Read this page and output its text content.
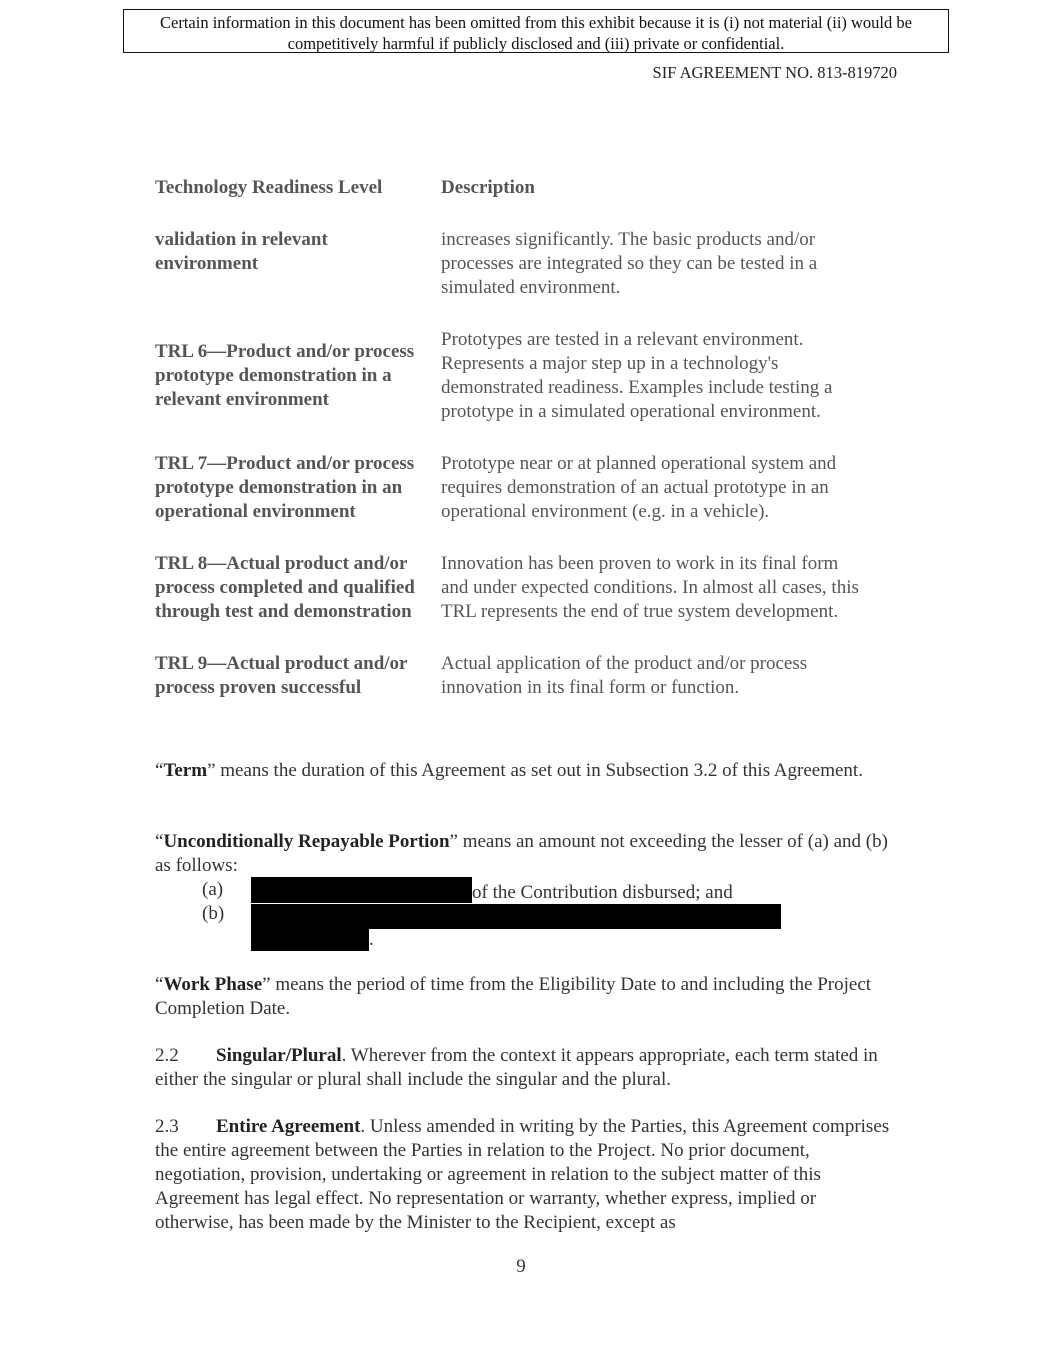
Certain information in this document has been omitted from this exhibit because it is (i) not material (ii) would be
competitively harmful if publicly disclosed and (iii) private or confidential.
SIF AGREEMENT NO. 813-819720
Technology Readiness Level	Description
validation in relevant
environment
increases significantly. The basic products and/or
processes are integrated so they can be tested in a
simulated environment.
TRL 6—Product and/or process
prototype demonstration in a
relevant environment
Prototypes are tested in a relevant environment.
Represents a major step up in a technology's
demonstrated readiness. Examples include testing a
prototype in a simulated operational environment.
TRL 7—Product and/or process
prototype demonstration in an
operational environment
Prototype near or at planned operational system and
requires demonstration of an actual prototype in an
operational environment (e.g. in a vehicle).
TRL 8—Actual product and/or
process completed and qualified
through test and demonstration
Innovation has been proven to work in its final form
and under expected conditions. In almost all cases, this
TRL represents the end of true system development.
TRL 9—Actual product and/or
process proven successful
Actual application of the product and/or process
innovation in its final form or function.
“Term” means the duration of this Agreement as set out in Subsection 3.2 of this Agreement.
“Unconditionally Repayable Portion” means an amount not exceeding the lesser of (a) and (b) as follows:
(a)
(b)
of the Contribution disbursed; and
.
“Work Phase” means the period of time from the Eligibility Date to and including the Project Completion Date.
2.2 Singular/Plural. Wherever from the context it appears appropriate, each term stated in either the singular or plural shall include the singular and the plural.
2.3 Entire Agreement. Unless amended in writing by the Parties, this Agreement comprises the entire agreement between the Parties in relation to the Project. No prior document, negotiation, provision, undertaking or agreement in relation to the subject matter of this Agreement has legal effect. No representation or warranty, whether express, implied or otherwise, has been made by the Minister to the Recipient, except as
9
